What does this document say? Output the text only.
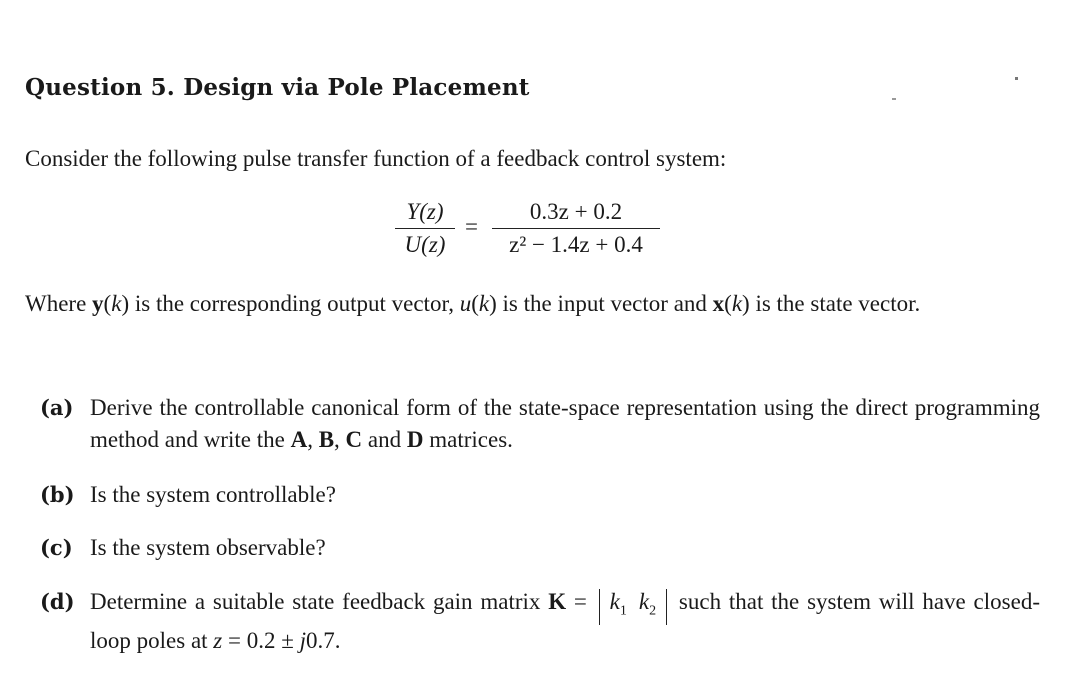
Question 5. Design via Pole Placement
Consider the following pulse transfer function of a feedback control system:
Y(z)
U(z)
=
0.3z + 0.2
z² − 1.4z + 0.4
Where y(k) is the corresponding output vector, u(k) is the input vector and x(k) is the state vector.
(a) Derive the controllable canonical form of the state-space representation using the direct programming method and write the A, B, C and D matrices.
(b) Is the system controllable?
(c) Is the system observable?
(d) Determine a suitable state feedback gain matrix $K = k_1$ $k_2$ such that the system will have closed-loop poles at z = 0.2 ± j0.7.
